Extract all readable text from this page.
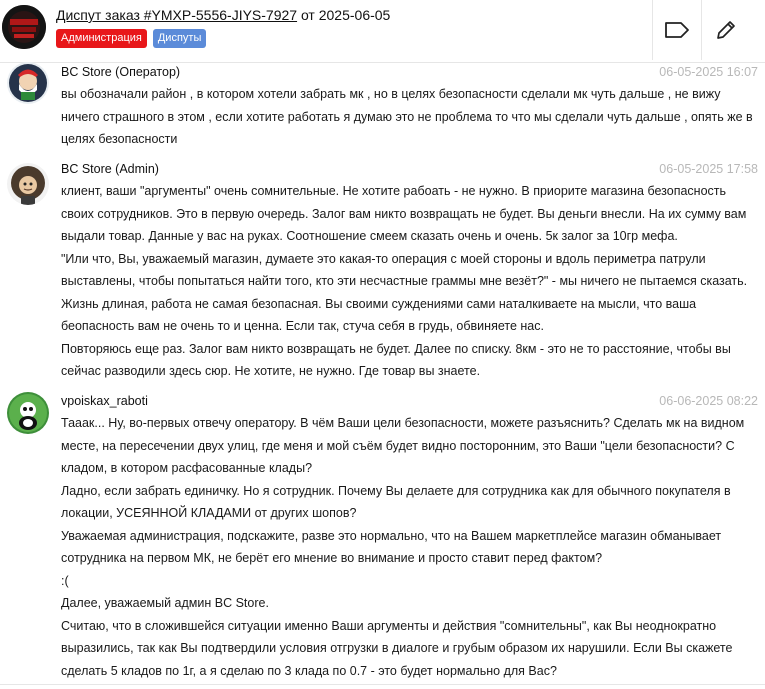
Диспут заказ #YMXP-5556-JIYS-7927 от 2025-06-05
Администрация	Диспуты
BC Store (Оператор)	06-05-2025 16:07

вы обозначали район , в котором хотели забрать мк , но в целях безопасности сделали мк чуть дальше , не вижу

ничего страшного в этом , если хотите работать я думаю это не проблема то что мы сделали чуть дальше , опять же в

целях безопасности

BC Store (Admin)	06-05-2025 17:58

клиент, ваши "аргументы" очень сомнительные. Не хотите рабоать - не нужно. В приорите магазина безопасность

своих сотрудников. Это в первую очередь. Залог вам никто возвращать не будет. Вы деньги внесли. На их сумму вам

выдали товар. Данные у вас на руках. Соотношение смеем сказать очень и очень. 5к залог за 10гр мефа.

"Или что, Вы, уважаемый магазин, думаете это какая-то операция с моей стороны и вдоль периметра патрули

выставлены, чтобы попытаться найти того, кто эти несчастные граммы мне везёт?" - мы ничего не пытаемся сказать.

Жизнь длиная, работа не самая безопасная. Вы своими суждениями сами наталкиваете на мысли, что ваша

беопасность вам не очень то и ценна. Если так, стуча себя в грудь, обвиняете нас.

Повторяюсь еще раз. Залог вам никто возвращать не будет. Далее по списку. 8км - это не то расстояние, чтобы вы

сейчас разводили здесь сюр. Не хотите, не нужно. Где товар вы знаете.

vpoiskax_raboti	06-06-2025 08:22

Тааак... Ну, во-первых отвечу оператору. В чём Ваши цели безопасности, можете разъяснить? Сделать мк на видном

месте, на пересечении двух улиц, где меня и мой съём будет видно посторонним, это Ваши "цели безопасности? С

кладом, в котором расфасованные клады?

Ладно, если забрать единичку. Но я сотрудник. Почему Вы делаете для сотрудника как для обычного покупателя в

локации, УСЕЯННОЙ КЛАДАМИ от других шопов?

Уважаемая администрация, подскажите, разве это нормально, что на Вашем маркетплейсе магазин обманывает

сотрудника на первом МК, не берёт его мнение во внимание и просто ставит перед фактом?

:(

Далее, уважаемый админ BC Store.

Считаю, что в сложившейся ситуации именно Ваши аргументы и действия "сомнительны", как Вы неоднократно

выразились, так как Вы подтвердили условия отгрузки в диалоге и грубым образом их нарушили. Если Вы скажете

сделать 5 кладов по 1г, а я сделаю по 3 клада по 0.7 - это будет нормально для Вас?
